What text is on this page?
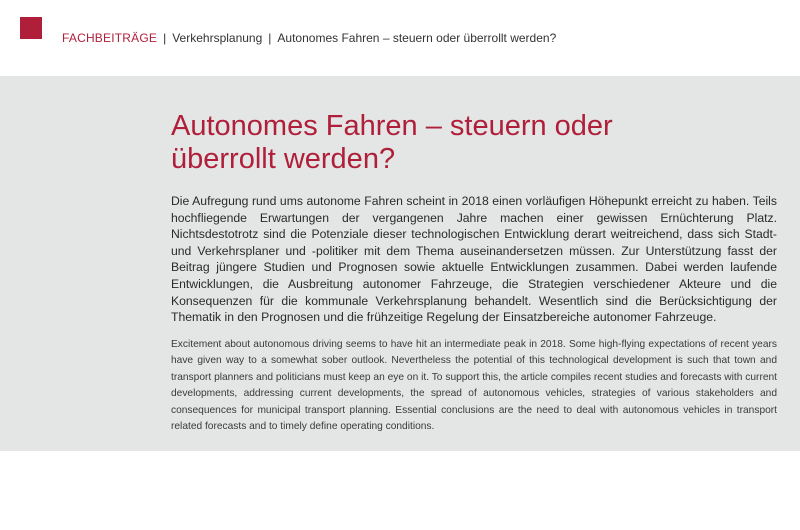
FACHBEITRÄGE | Verkehrsplanung | Autonomes Fahren – steuern oder überrollt werden?
Autonomes Fahren – steuern oder überrollt werden?

Die Aufregung rund ums autonome Fahren scheint in 2018 einen vorläufigen Höhepunkt erreicht zu haben. Teils hochfliegende Erwartungen der vergangenen Jahre machen einer gewissen Ernüchterung Platz. Nichtsdestotrotz sind die Potenziale dieser technologischen Entwicklung derart weitreichend, dass sich Stadt- und Verkehrsplaner und -politiker mit dem Thema auseinandersetzen müssen. Zur Unterstützung fasst der Beitrag jüngere Studien und Prognosen sowie aktuelle Entwicklungen zusammen. Dabei werden laufende Entwicklungen, die Ausbreitung autonomer Fahrzeuge, die Strategien verschiedener Akteure und die Konsequenzen für die kommunale Verkehrsplanung behandelt. Wesentlich sind die Berücksichtigung der Thematik in den Prognosen und die frühzeitige Regelung der Einsatzbereiche autonomer Fahrzeuge.

Excitement about autonomous driving seems to have hit an intermediate peak in 2018. Some high-flying expectations of recent years have given way to a somewhat sober outlook. Nevertheless the potential of this technological development is such that town and transport planners and politicians must keep an eye on it. To support this, the article compiles recent studies and forecasts with current developments, addressing current developments, the spread of autonomous vehicles, strategies of various stakeholders and consequences for municipal transport planning. Essential conclusions are the need to deal with autonomous vehicles in transport related forecasts and to timely define operating conditions.
